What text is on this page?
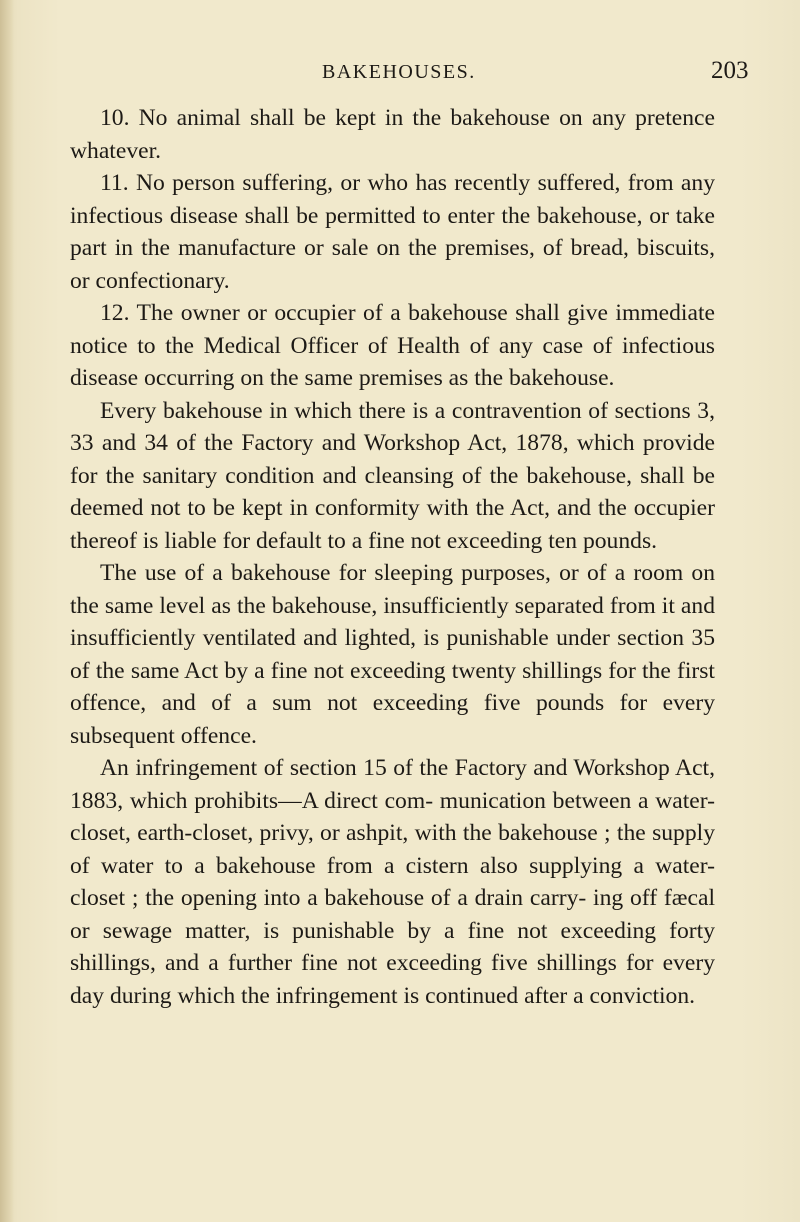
BAKEHOUSES.	203

10. No animal shall be kept in the bakehouse on any pretence whatever.

11. No person suffering, or who has recently suffered, from any infectious disease shall be permitted to enter the bakehouse, or take part in the manufacture or sale on the premises, of bread, biscuits, or confectionary.

12. The owner or occupier of a bakehouse shall give immediate notice to the Medical Officer of Health of any case of infectious disease occurring on the same premises as the bakehouse.

Every bakehouse in which there is a contravention of sections 3, 33 and 34 of the Factory and Workshop Act, 1878, which provide for the sanitary condition and cleansing of the bakehouse, shall be deemed not to be kept in conformity with the Act, and the occupier thereof is liable for default to a fine not exceeding ten pounds.

The use of a bakehouse for sleeping purposes, or of a room on the same level as the bakehouse, insufficiently separated from it and insufficiently ventilated and lighted, is punishable under section 35 of the same Act by a fine not exceeding twenty shillings for the first offence, and of a sum not exceeding five pounds for every subsequent offence.

An infringement of section 15 of the Factory and Workshop Act, 1883, which prohibits—A direct com- munication between a water-closet, earth-closet, privy, or ashpit, with the bakehouse ; the supply of water to a bakehouse from a cistern also supplying a water- closet ; the opening into a bakehouse of a drain carry- ing off fæcal or sewage matter, is punishable by a fine not exceeding forty shillings, and a further fine not exceeding five shillings for every day during which the infringement is continued after a conviction.
